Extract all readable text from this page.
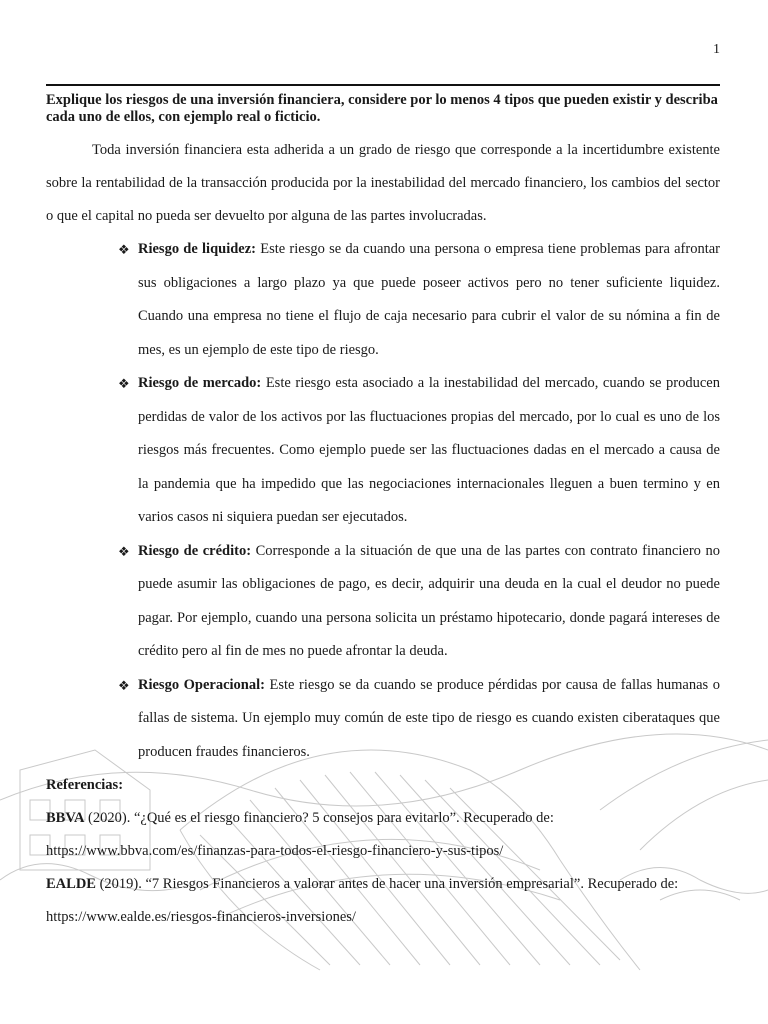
1

Explique los riesgos de una inversión financiera, considere por lo menos 4 tipos que pueden existir y describa cada uno de ellos, con ejemplo real o ficticio.

Toda inversión financiera esta adherida a un grado de riesgo que corresponde a la incertidumbre existente sobre la rentabilidad de la transacción producida por la inestabilidad del mercado financiero, los cambios del sector o que el capital no pueda ser devuelto por alguna de las partes involucradas.

❖ Riesgo de liquidez: Este riesgo se da cuando una persona o empresa tiene problemas para afrontar sus obligaciones a largo plazo ya que puede poseer activos pero no tener suficiente liquidez. Cuando una empresa no tiene el flujo de caja necesario para cubrir el valor de su nómina a fin de mes, es un ejemplo de este tipo de riesgo.
❖ Riesgo de mercado: Este riesgo esta asociado a la inestabilidad del mercado, cuando se producen perdidas de valor de los activos por las fluctuaciones propias del mercado, por lo cual es uno de los riesgos más frecuentes. Como ejemplo puede ser las fluctuaciones dadas en el mercado a causa de la pandemia que ha impedido que las negociaciones internacionales lleguen a buen termino y en varios casos ni siquiera puedan ser ejecutados.
❖ Riesgo de crédito: Corresponde a la situación de que una de las partes con contrato financiero no puede asumir las obligaciones de pago, es decir, adquirir una deuda en la cual el deudor no puede pagar. Por ejemplo, cuando una persona solicita un préstamo hipotecario, donde pagará intereses de crédito pero al fin de mes no puede afrontar la deuda.
❖ Riesgo Operacional: Este riesgo se da cuando se produce pérdidas por causa de fallas humanas o fallas de sistema. Un ejemplo muy común de este tipo de riesgo es cuando existen ciberataques que producen fraudes financieros.

Referencias:

BBVA (2020). “¿Qué es el riesgo financiero? 5 consejos para evitarlo”. Recuperado de:
https://www.bbva.com/es/finanzas-para-todos-el-riesgo-financiero-y-sus-tipos/

EALDE (2019). “7 Riesgos Financieros a valorar antes de hacer una inversión empresarial”. Recuperado de:
https://www.ealde.es/riesgos-financieros-inversiones/
